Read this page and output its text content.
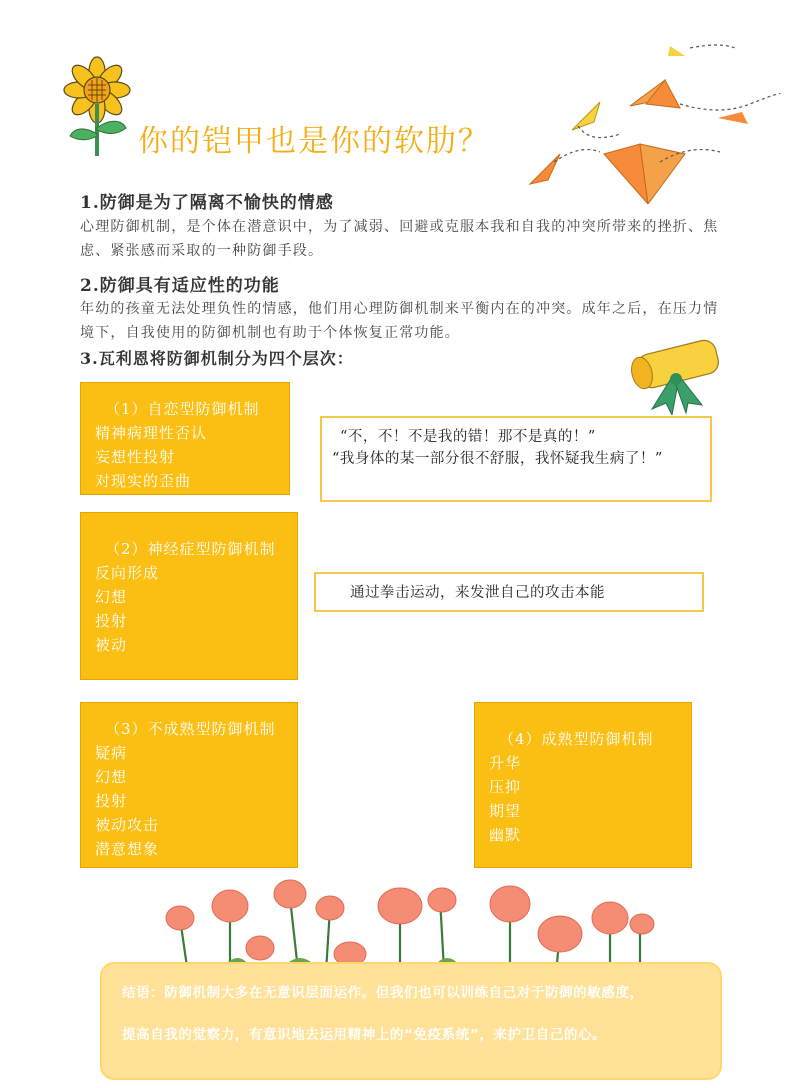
你的铠甲也是你的软肋？
1.防御是为了隔离不愉快的情感
心理防御机制，是个体在潜意识中，为了减弱、回避或克服本我和自我的冲突所带来的挫折、焦虑、紧张感而采取的一种防御手段。
2.防御具有适应性的功能
年幼的孩童无法处理负性的情感，他们用心理防御机制来平衡内在的冲突。成年之后，在压力情境下，自我使用的防御机制也有助于个体恢复正常功能。
3.瓦利恩将防御机制分为四个层次：
（1）自恋型防御机制
精神病理性否认
妄想性投射
对现实的歪曲
“不，不！不是我的错！那不是真的！”
“我身体的某一部分很不舒服，我怀疑我生病了！”
（2）神经症型防御机制
反向形成
幻想
投射
被动
通过拳击运动，来发泄自己的攻击本能
（3）不成熟型防御机制
疑病
幻想
投射
被动攻击
潜意想象
（4）成熟型防御机制
升华
压抑
期望
幽默
结语：防御机制大多在无意识层面运作。但我们也可以训练自己对于防御的敏感度，
提高自我的觉察力，有意识地去运用精神上的“免疫系统”，来护卫自己的心。
